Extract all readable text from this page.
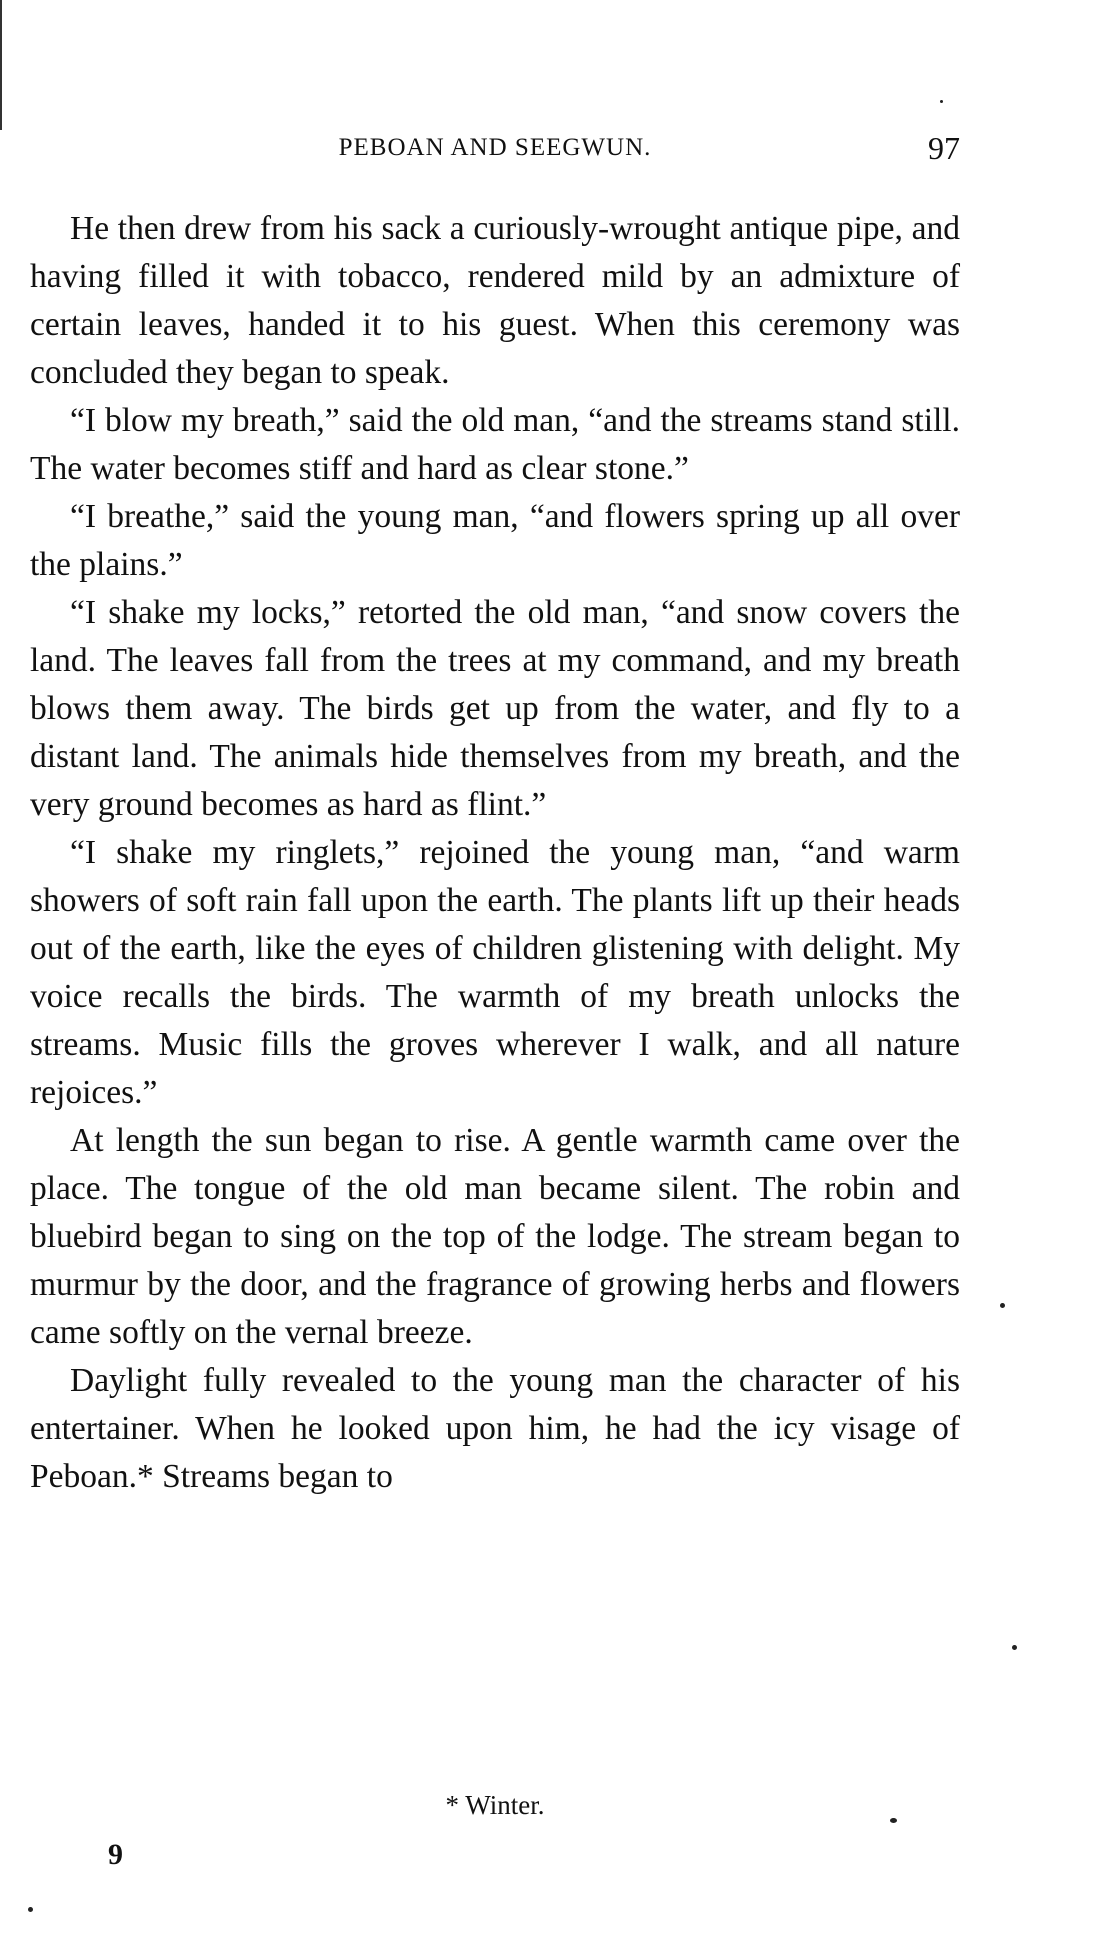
PEBOAN AND SEEGWUN.	97

He then drew from his sack a curiously-wrought antique pipe, and having filled it with tobacco, rendered mild by an admixture of certain leaves, handed it to his guest. When this ceremony was concluded they began to speak.

“I blow my breath,” said the old man, “and the streams stand still. The water becomes stiff and hard as clear stone.”

“I breathe,” said the young man, “and flowers spring up all over the plains.”

“I shake my locks,” retorted the old man, “and snow covers the land. The leaves fall from the trees at my command, and my breath blows them away. The birds get up from the water, and fly to a distant land. The animals hide themselves from my breath, and the very ground becomes as hard as flint.”

“I shake my ringlets,” rejoined the young man, “and warm showers of soft rain fall upon the earth. The plants lift up their heads out of the earth, like the eyes of children glistening with delight. My voice recalls the birds. The warmth of my breath unlocks the streams. Music fills the groves wherever I walk, and all nature rejoices.”

At length the sun began to rise. A gentle warmth came over the place. The tongue of the old man became silent. The robin and bluebird began to sing on the top of the lodge. The stream began to murmur by the door, and the fragrance of growing herbs and flowers came softly on the vernal breeze.

Daylight fully revealed to the young man the character of his entertainer. When he looked upon him, he had the icy visage of Peboan.* Streams began to

* Winter.
9
